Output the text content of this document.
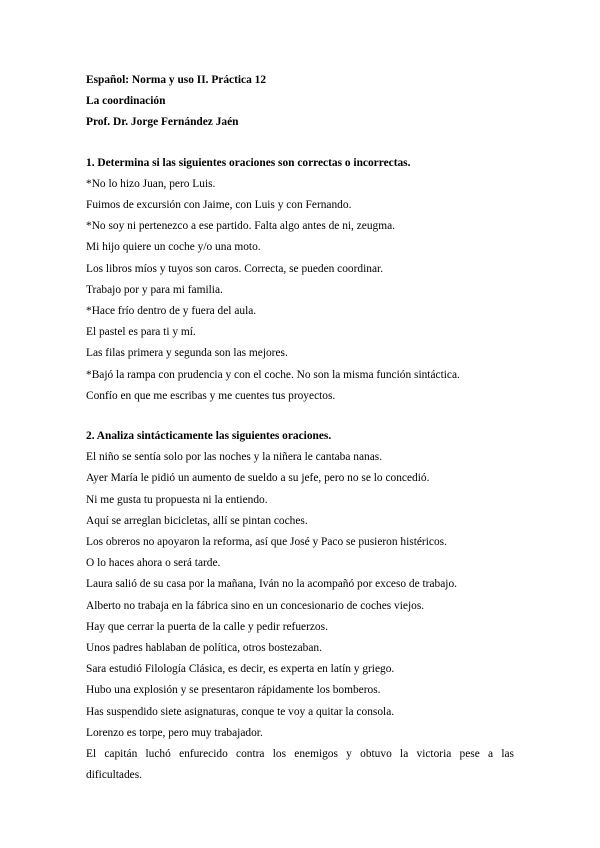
Español: Norma y uso II. Práctica 12

La coordinación

Prof. Dr. Jorge Fernández Jaén

1. Determina si las siguientes oraciones son correctas o incorrectas.

*No lo hizo Juan, pero Luis.

Fuimos de excursión con Jaime, con Luis y con Fernando.

*No soy ni pertenezco a ese partido. Falta algo antes de ni, zeugma.

Mi hijo quiere un coche y/o una moto.

Los libros míos y tuyos son caros. Correcta, se pueden coordinar.

Trabajo por y para mi familia.

*Hace frío dentro de y fuera del aula.

El pastel es para ti y mí.

Las filas primera y segunda son las mejores.

*Bajó la rampa con prudencia y con el coche. No son la misma función sintáctica.

Confío en que me escribas y me cuentes tus proyectos.

2. Analiza sintácticamente las siguientes oraciones.

El niño se sentía solo por las noches y la niñera le cantaba nanas.

Ayer María le pidió un aumento de sueldo a su jefe, pero no se lo concedió.

Ni me gusta tu propuesta ni la entiendo.

Aquí se arreglan bicicletas, allí se pintan coches.

Los obreros no apoyaron la reforma, así que José y Paco se pusieron histéricos.

O lo haces ahora o será tarde.

Laura salió de su casa por la mañana, Iván no la acompañó por exceso de trabajo.

Alberto no trabaja en la fábrica sino en un concesionario de coches viejos.

Hay que cerrar la puerta de la calle y pedir refuerzos.

Unos padres hablaban de política, otros bostezaban.

Sara estudió Filología Clásica, es decir, es experta en latín y griego.

Hubo una explosión y se presentaron rápidamente los bomberos.

Has suspendido siete asignaturas, conque te voy a quitar la consola.

Lorenzo es torpe, pero muy trabajador.

El capitán luchó enfurecido contra los enemigos y obtuvo la victoria pese a las

dificultades.
